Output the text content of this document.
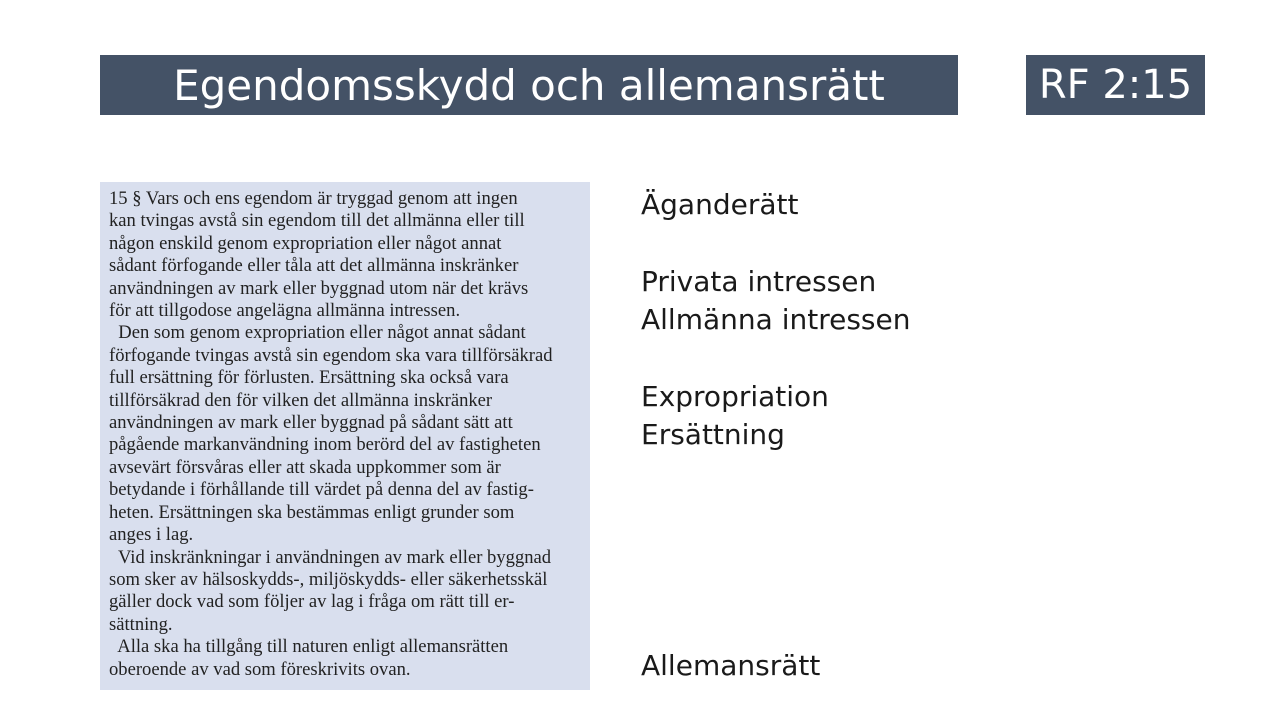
Egendomsskydd och allemansrätt	RF 2:15
15 § Vars och ens egendom är tryggad genom att ingen
kan tvingas avstå sin egendom till det allmänna eller till
någon enskild genom expropriation eller något annat
sådant förfogande eller tåla att det allmänna inskränker
användningen av mark eller byggnad utom när det krävs
för att tillgodose angelägna allmänna intressen.
Den som genom expropriation eller något annat sådant
förfogande tvingas avstå sin egendom ska vara tillförsäkrad
full ersättning för förlusten. Ersättning ska också vara
tillförsäkrad den för vilken det allmänna inskränker
användningen av mark eller byggnad på sådant sätt att
pågående markanvändning inom berörd del av fastigheten
avsevärt försvåras eller att skada uppkommer som är
betydande i förhållande till värdet på denna del av fastig-
heten. Ersättningen ska bestämmas enligt grunder som
anges i lag.
Vid inskränkningar i användningen av mark eller byggnad
som sker av hälsoskydds-, miljöskydds- eller säkerhetsskäl
gäller dock vad som följer av lag i fråga om rätt till er-
sättning.
Alla ska ha tillgång till naturen enligt allemansrätten
oberoende av vad som föreskrivits ovan.
Äganderätt
Privata intressen
Allmänna intressen
Expropriation
Ersättning
Allemansrätt
